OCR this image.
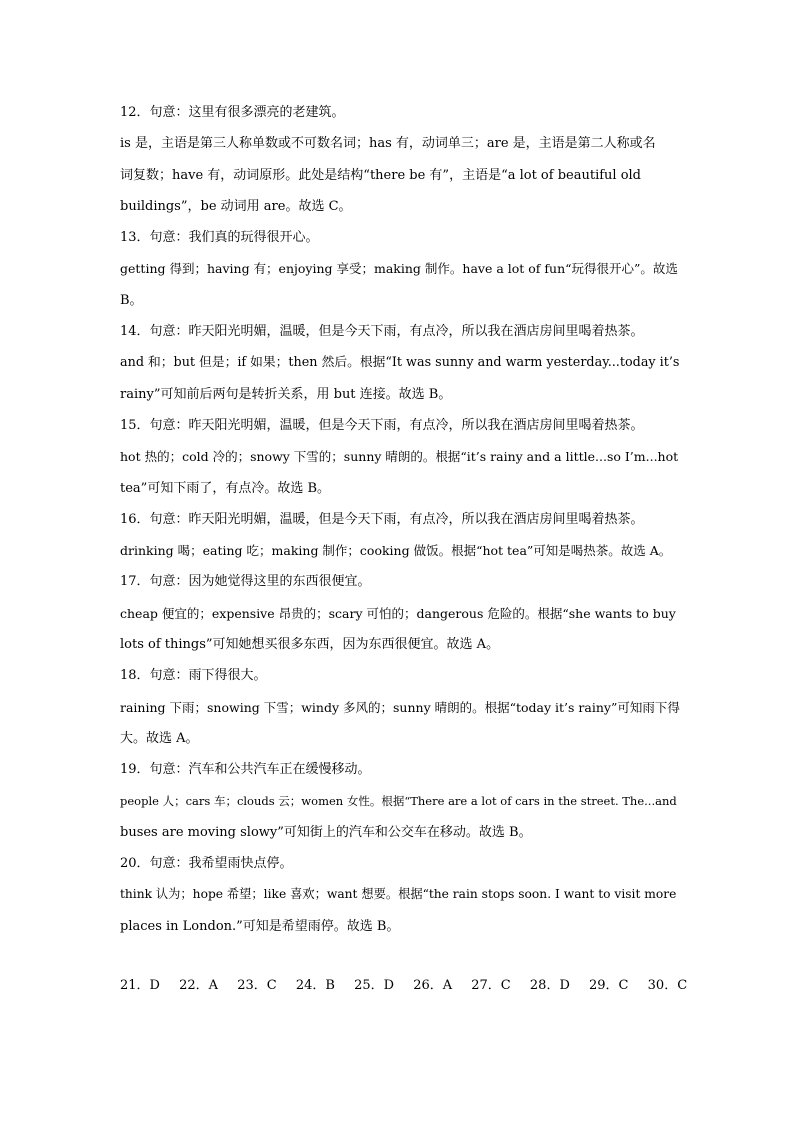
12．句意：这里有很多漂亮的老建筑。
is 是，主语是第三人称单数或不可数名词；has 有，动词单三；are 是，主语是第二人称或名
词复数；have 有，动词原形。此处是结构“there be 有”，主语是“a lot of beautiful old
buildings”，be 动词用 are。故选 C。
13．句意：我们真的玩得很开心。
getting 得到；having 有；enjoying 享受；making 制作。have a lot of fun“玩得很开心”。故选
B。
14．句意：昨天阳光明媚，温暖，但是今天下雨，有点冷，所以我在酒店房间里喝着热茶。
and 和；but 但是；if 如果；then 然后。根据“It was sunny and warm yesterday...today it’s
rainy”可知前后两句是转折关系，用 but 连接。故选 B。
15．句意：昨天阳光明媚，温暖，但是今天下雨，有点冷，所以我在酒店房间里喝着热茶。
hot 热的；cold 冷的；snowy 下雪的；sunny 晴朗的。根据“it’s rainy and a little...so I’m...hot
tea”可知下雨了，有点冷。故选 B。
16．句意：昨天阳光明媚，温暖，但是今天下雨，有点冷，所以我在酒店房间里喝着热茶。
drinking 喝；eating 吃；making 制作；cooking 做饭。根据“hot tea”可知是喝热茶。故选 A。
17．句意：因为她觉得这里的东西很便宜。
cheap 便宜的；expensive 昂贵的；scary 可怕的；dangerous 危险的。根据“she wants to buy
lots of things”可知她想买很多东西，因为东西很便宜。故选 A。
18．句意：雨下得很大。
raining 下雨；snowing 下雪；windy 多风的；sunny 晴朗的。根据“today it’s rainy”可知雨下得
大。故选 A。
19．句意：汽车和公共汽车正在缓慢移动。
people 人；cars 车；clouds 云；women 女性。根据“There are a lot of cars in the street. The...and
buses are moving slowy”可知街上的汽车和公交车在移动。故选 B。
20．句意：我希望雨快点停。
think 认为；hope 希望；like 喜欢；want 想要。根据“the rain stops soon. I want to visit more
places in London.”可知是希望雨停。故选 B。
21．D 22．A 23．C 24．B 25．D 26．A 27．C 28．D 29．C 30．C
